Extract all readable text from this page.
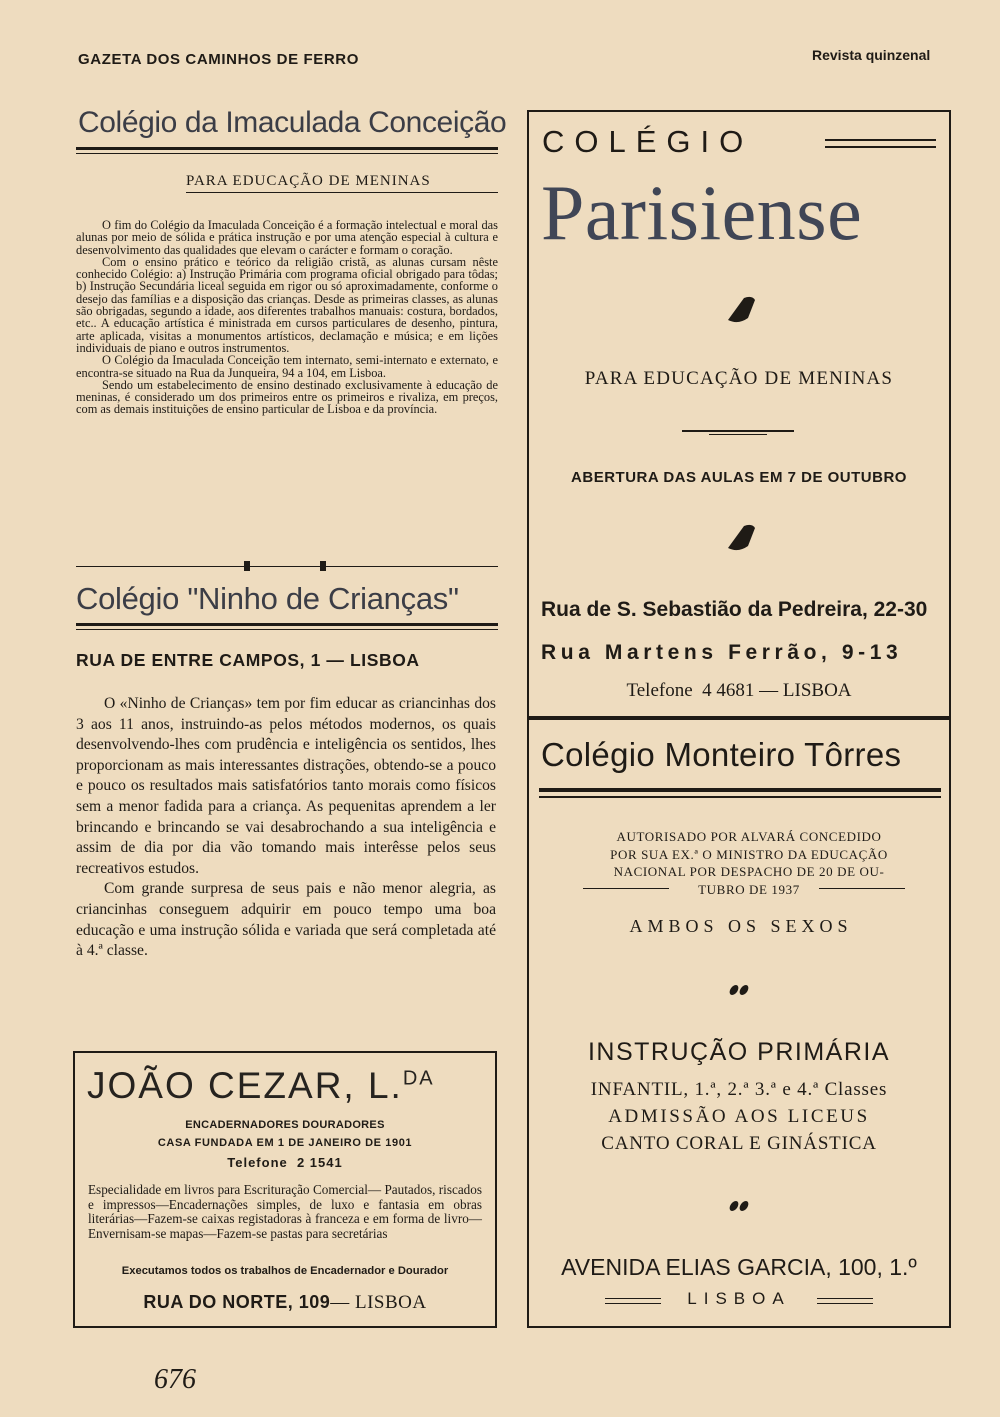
GAZETA DOS CAMINHOS DE FERRO	Revista quinzenal
Colégio da Imaculada Conceição
PARA EDUCAÇÃO DE MENINAS

O fim do Colégio da Imaculada Conceição é a formação intelectual e moral das alunas por meio de sólida e prática instrução e por uma atenção especial à cultura e desenvolvimento das qualidades que elevam o carácter e formam o coração.

Com o ensino prático e teórico da religião cristã, as alunas cursam nêste conhecido Colégio: a) Instrução Primária com programa oficial obrigado para tôdas; b) Instrução Secundária liceal seguida em rigor ou só aproximadamente, conforme o desejo das famílias e a disposição das crianças. Desde as primeiras classes, as alunas são obrigadas, segundo a idade, aos diferentes trabalhos manuais: costura, bordados, etc.. A educação artística é ministrada em cursos particulares de desenho, pintura, arte aplicada, visitas a monumentos artísticos, declamação e música; e em lições individuais de piano e outros instrumentos.

O Colégio da Imaculada Conceição tem internato, semi-internato e externato, e encontra-se situado na Rua da Junqueira, 94 a 104, em Lisboa.

Sendo um estabelecimento de ensino destinado exclusivamente à educação de meninas, é considerado um dos primeiros entre os primeiros e rivaliza, em preços, com as demais instituições de ensino particular de Lisboa e da província.

Colégio "Ninho de Crianças"
RUA DE ENTRE CAMPOS, 1 — LISBOA

O «Ninho de Crianças» tem por fim educar as criancinhas dos 3 aos 11 anos, instruindo-as pelos métodos modernos, os quais desenvolvendo-lhes com prudência e inteligência os sentidos, lhes proporcionam as mais interessantes distrações, obtendo-se a pouco e pouco os resultados mais satisfatórios tanto morais como físicos sem a menor fadida para a criança. As pequenitas aprendem a ler brincando e brincando se vai desabrochando a sua inteligência e assim de dia por dia vão tomando mais interêsse pelos seus recreativos estudos.

Com grande surpresa de seus pais e não menor alegria, as criancinhas conseguem adquirir em pouco tempo uma boa educação e uma instrução sólida e variada que será completada até à 4.ª classe.

JOÃO CEZAR, L.$^{DA}$
ENCADERNADORES DOURADORES
CASA FUNDADA EM 1 DE JANEIRO DE 1901
Telefone  2 1541
Especialidade em livros para Escrituração Comercial— Pautados, riscados e impressos—Encadernações simples, de luxo e fantasia em obras literárias—Fazem-se caixas registadoras à franceza e em forma de livro—Envernisam-se mapas—Fazem-se pastas para secretárias
Executamos todos os trabalhos de Encadernador e Dourador
RUA DO NORTE, 109— LISBOA
676
COLÉGIO
Parisiense
PARA EDUCAÇÃO DE MENINAS
ABERTURA DAS AULAS EM 7 DE OUTUBRO
Rua de S. Sebastião da Pedreira, 22-30
Rua Martens Ferrão, 9-13
Telefone  4 4681 — LISBOA
Colégio Monteiro Tôrres
AUTORISADO POR ALVARÁ CONCEDIDO
POR SUA EX.ª O MINISTRO DA EDUCAÇÃO
NACIONAL POR DESPACHO DE 20 DE OU-
TUBRO DE 1937
AMBOS OS SEXOS
INSTRUÇÃO PRIMÁRIA
INFANTIL, 1.ª, 2.ª 3.ª e 4.ª Classes
ADMISSÃO AOS LICEUS
CANTO CORAL E GINÁSTICA
AVENIDA ELIAS GARCIA, 100, 1.º
LISBOA
